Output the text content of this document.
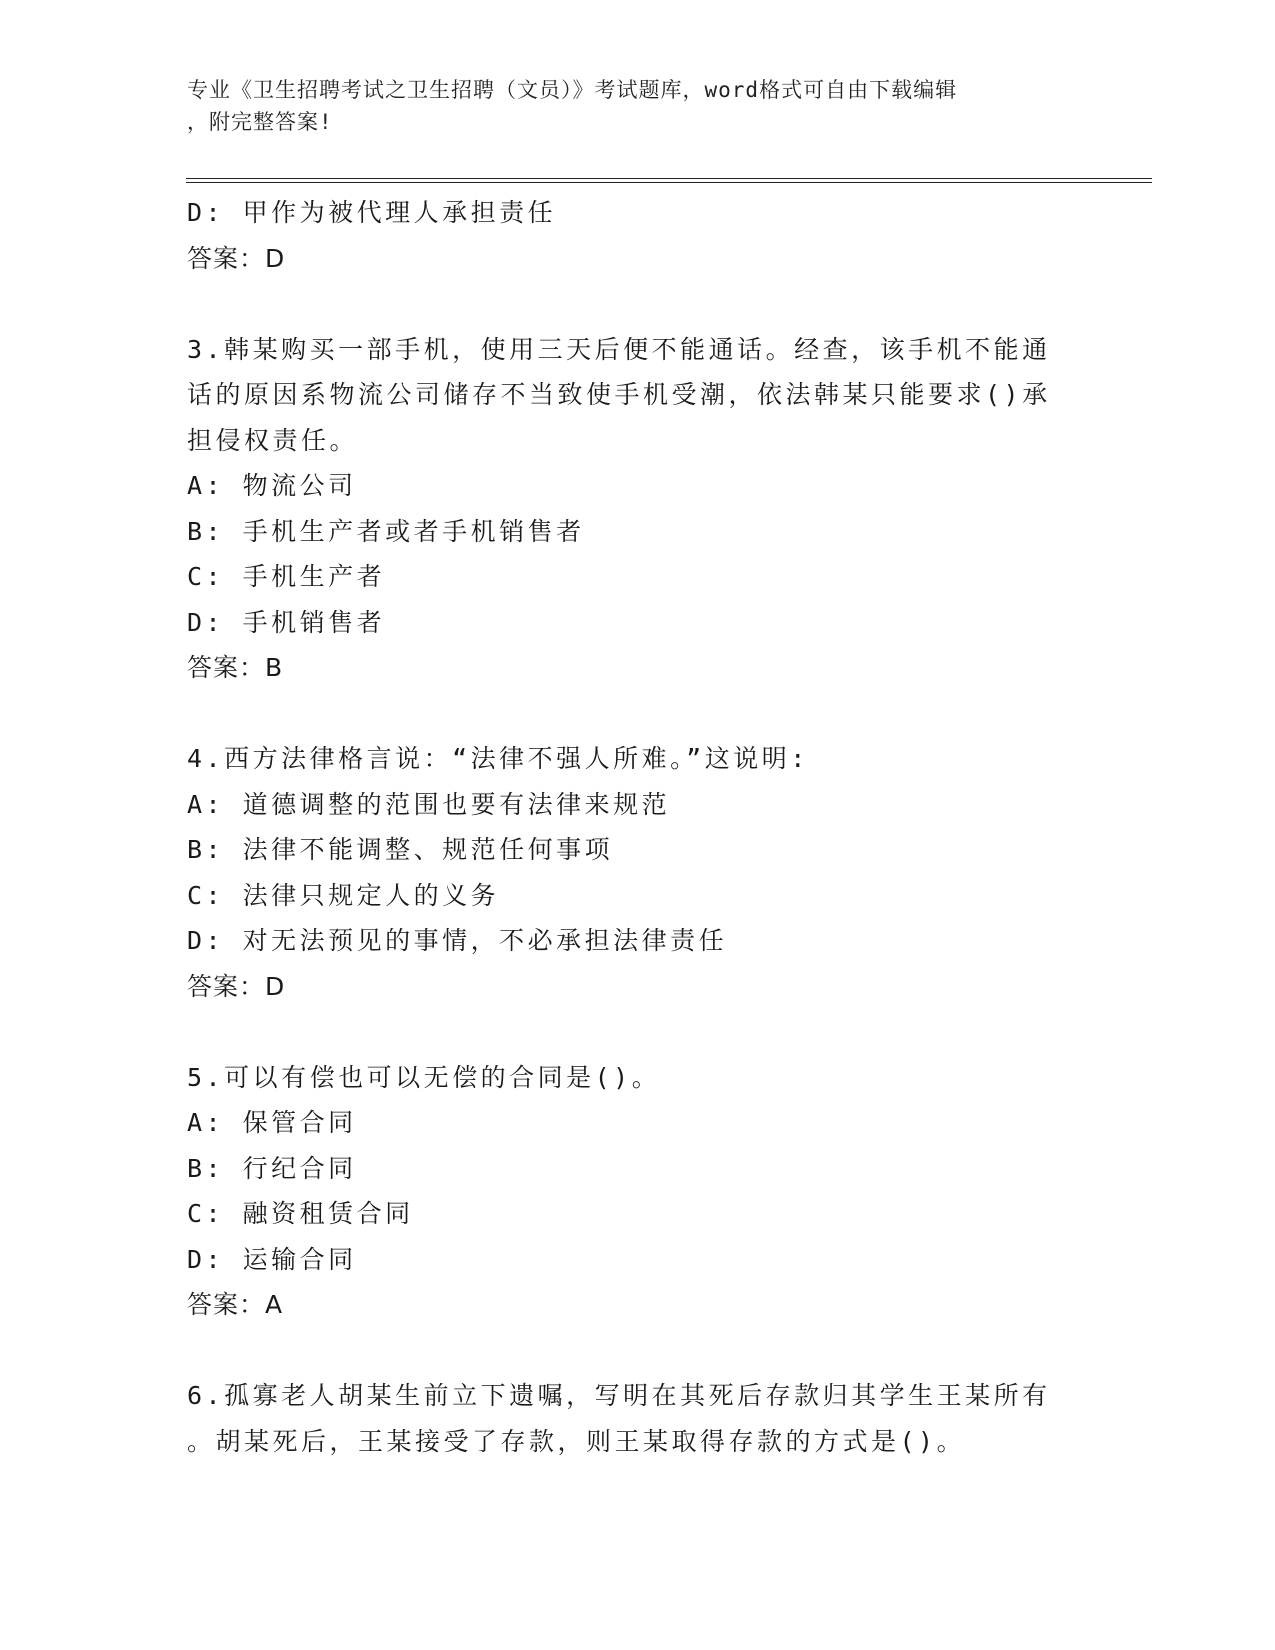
专业《卫生招聘考试之卫生招聘（文员）》考试题库，word格式可自由下载编辑
，附完整答案!
D: 甲作为被代理人承担责任
答案：D
3.韩某购买一部手机，使用三天后便不能通话。经查，该手机不能通
话的原因系物流公司储存不当致使手机受潮，依法韩某只能要求()承
担侵权责任。
A: 物流公司
B: 手机生产者或者手机销售者
C: 手机生产者
D: 手机销售者
答案：B
4.西方法律格言说：“法律不强人所难。”这说明:
A: 道德调整的范围也要有法律来规范
B: 法律不能调整、规范任何事项
C: 法律只规定人的义务
D: 对无法预见的事情，不必承担法律责任
答案：D
5.可以有偿也可以无偿的合同是()。
A: 保管合同
B: 行纪合同
C: 融资租赁合同
D: 运输合同
答案：A
6.孤寡老人胡某生前立下遗嘱，写明在其死后存款归其学生王某所有
。胡某死后，王某接受了存款，则王某取得存款的方式是()。
